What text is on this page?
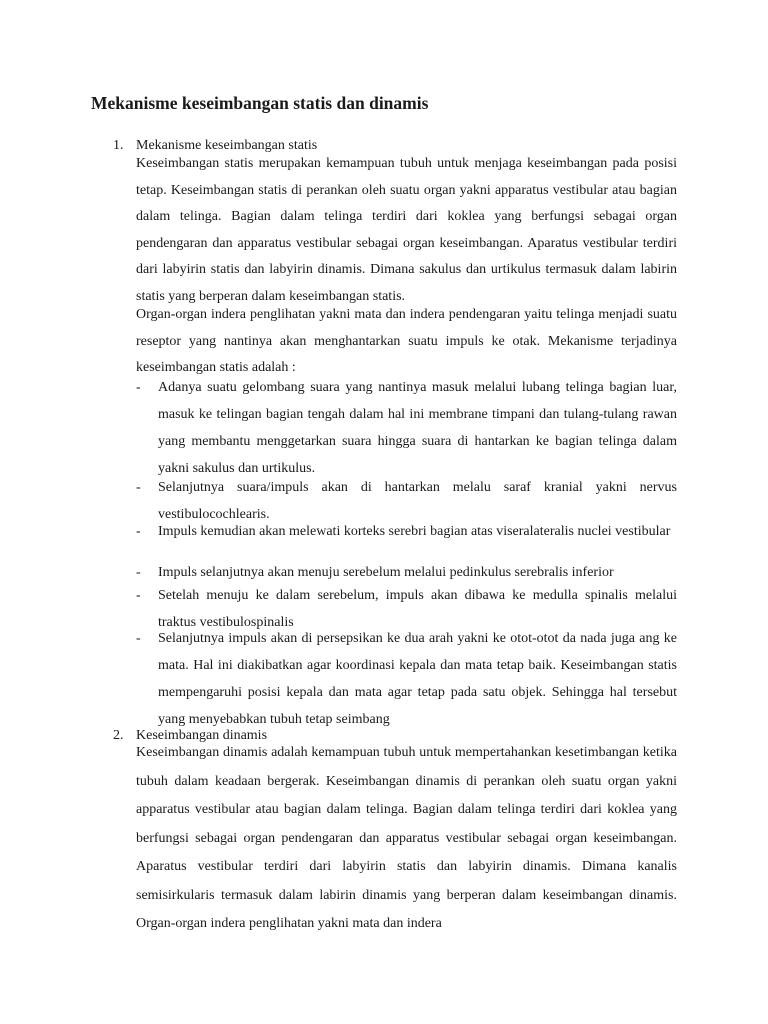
Mekanisme keseimbangan statis dan dinamis
1. Mekanisme keseimbangan statis

Keseimbangan statis merupakan kemampuan tubuh untuk menjaga keseimbangan pada posisi tetap. Keseimbangan statis di perankan oleh suatu organ yakni apparatus vestibular atau bagian dalam telinga. Bagian dalam telinga terdiri dari koklea yang berfungsi sebagai organ pendengaran dan apparatus vestibular sebagai organ keseimbangan. Aparatus vestibular terdiri dari labyirin statis dan labyirin dinamis. Dimana sakulus dan urtikulus termasuk dalam labirin statis yang berperan dalam keseimbangan statis.

Organ-organ indera penglihatan yakni mata dan indera pendengaran yaitu telinga menjadi suatu reseptor yang nantinya akan menghantarkan suatu impuls ke otak. Mekanisme terjadinya keseimbangan statis adalah :

- Adanya suatu gelombang suara yang nantinya masuk melalui lubang telinga bagian luar, masuk ke telingan bagian tengah dalam hal ini membrane timpani dan tulang-tulang rawan yang membantu menggetarkan suara hingga suara di hantarkan ke bagian telinga dalam yakni sakulus dan urtikulus.
- Selanjutnya suara/impuls akan di hantarkan melalu saraf kranial yakni nervus vestibulocochlearis.
- Impuls kemudian akan melewati korteks serebri bagian atas viseralateralis nuclei vestibular
- Impuls selanjutnya akan menuju serebelum melalui pedinkulus serebralis inferior
- Setelah menuju ke dalam serebelum, impuls akan dibawa ke medulla spinalis melalui traktus vestibulospinalis
- Selanjutnya impuls akan di persepsikan ke dua arah yakni ke otot-otot da nada juga ang ke mata. Hal ini diakibatkan agar koordinasi kepala dan mata tetap baik. Keseimbangan statis mempengaruhi posisi kepala dan mata agar tetap pada satu objek. Sehingga hal tersebut yang menyebabkan tubuh tetap seimbang
2. Keseimbangan dinamis

Keseimbangan dinamis adalah kemampuan tubuh untuk mempertahankan kesetimbangan ketika tubuh dalam keadaan bergerak. Keseimbangan dinamis di perankan oleh suatu organ yakni apparatus vestibular atau bagian dalam telinga. Bagian dalam telinga terdiri dari koklea yang berfungsi sebagai organ pendengaran dan apparatus vestibular sebagai organ keseimbangan. Aparatus vestibular terdiri dari labyirin statis dan labyirin dinamis. Dimana kanalis semisirkularis termasuk dalam labirin dinamis yang berperan dalam keseimbangan dinamis. Organ-organ indera penglihatan yakni mata dan indera
